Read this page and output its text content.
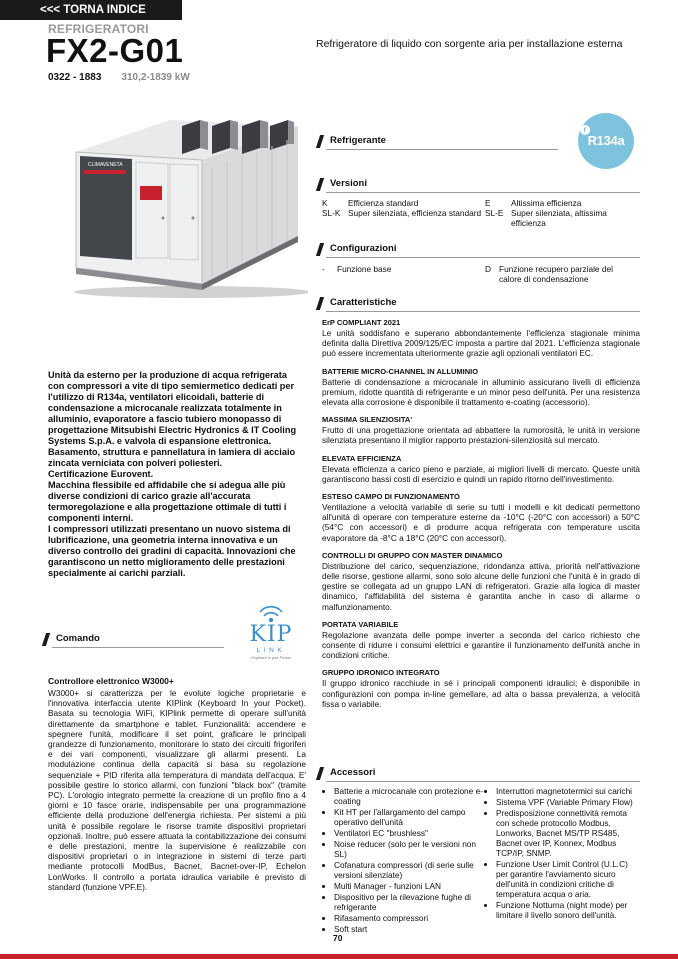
<<< TORNA INDICE
REFRIGERATORI
FX2-G01
0322 - 1883 310,2-1839 kW
Refrigeratore di liquido con sorgente aria per installazione esterna
CLIMAVENETA
Refrigerante
r
R134a
Versioni
K Efficienza standard
SL-K Super silenziata, efficienza standard
E Altissima efficienza
SL-E Super silenziata, altissima efficienza
Configurazioni
- Funzione base	D Funzione recupero parziale del calore di condensazione
Caratteristiche
ErP COMPLIANT 2021
Le unità soddisfano e superano abbondantemente l'efficienza stagionale minima definita dalla Direttiva 2009/125/EC imposta a partire dal 2021. L'efficienza stagionale può essere incrementata ulteriormente grazie agli opzionali ventilatori EC.
BATTERIE MICRO-CHANNEL IN ALLUMINIO
Batterie di condensazione a microcanale in alluminio assicurano livelli di efficienza premium, ridotte quantità di refrigerante e un minor peso dell'unità. Per una resistenza elevata alla corrosione è disponibile il trattamento e-coating (accessorio).
MASSIMA SILENZIOSITA'
Frutto di una progettazione orientata ad abbattere la rumorosità, le unità in versione silenziata presentano il miglior rapporto prestazioni-silenziosità sul mercato.
ELEVATA EFFICIENZA
Elevata efficienza a carico pieno e parziale, ai migliori livelli di mercato. Queste unità garantiscono bassi costi di esercizio e quindi un rapido ritorno dell'investimento.
ESTESO CAMPO DI FUNZIONAMENTO
Ventilazione a velocità variabile di serie su tutti i modelli e kit dedicati permettono all'unità di operare con temperature esterne da -10°C (-20°C con accessori) a 50°C (54°C con accessori) e di produrre acqua refrigerata con temperature uscita evaporatore da -8°C a 18°C (20°C con accessori).
CONTROLLI DI GRUPPO CON MASTER DINAMICO
Distribuzione del carico, sequenziazione, ridondanza attiva, priorità nell'attivazione delle risorse, gestione allarmi, sono solo alcune delle funzioni che l'unità è in grado di gestire se collegata ad un gruppo LAN di refrigeratori. Grazie alla logica di master dinamico, l'affidabilità del sistema è garantita anche in caso di allarme o malfunzionamento.
PORTATA VARIABILE
Regolazione avanzata delle pompe inverter a seconda del carico richiesto che consente di ridurre i consumi elettrici e garantire il funzionamento dell'unità anche in condizioni critiche.
GRUPPO IDRONICO INTEGRATO
Il gruppo idronico racchiude in sé i principali componenti idraulici; è disponibile in configurazioni con pompa in-line gemellare, ad alta o bassa prevalenza, a velocità fissa o variabile.

Unità da esterno per la produzione di acqua refrigerata con compressori a vite di tipo semiermetico dedicati per l'utilizzo di R134a, ventilatori elicoidali, batterie di condensazione a microcanale realizzata totalmente in alluminio, evaporatore a fascio tubiero monopasso di progettazione Mitsubishi Electric Hydronics & IT Cooling Systems S.p.A. e valvola di espansione elettronica.

Basamento, struttura e pannellatura in lamiera di acciaio zincata verniciata con polveri poliesteri.

Certificazione Eurovent.

Macchina flessibile ed affidabile che si adegua alle più diverse condizioni di carico grazie all'accurata termoregolazione e alla progettazione ottimale di tutti i componenti interni.

I compressori utilizzati presentano un nuovo sistema di lubrificazione, una geometria interna innovativa e un diverso controllo dei gradini di capacità. Innovazioni che garantiscono un netto miglioramento delle prestazioni specialmente ai carichi parziali.

Comando	KIP
LINK
Keyboard In your Pocket
Controllore elettronico W3000+
W3000+ si caratterizza per le evolute logiche proprietarie e l'innovativa interfaccia utente KIPlink (Keyboard In your Pocket). Basata su tecnologia WiFi, KIPlink permette di operare sull'unità direttamente da smartphone e tablet. Funzionalità: accendere e spegnere l'unità, modificare il set point, graficare le principali grandezze di funzionamento, monitorare lo stato dei circuiti frigoriferi e dei vari componenti, visualizzare gli allarmi presenti. La modulazione continua della capacità si basa su regolazione sequenziale + PID riferita alla temperatura di mandata dell'acqua. E' possibile gestire lo storico allarmi, con funzioni "black box" (tramite PC). L'orologio integrato permette la creazione di un profilo fino a 4 giorni e 10 fasce orarie, indispensabile per una programmazione efficiente della produzione dell'energia richiesta. Per sistemi a più unità è possibile regolare le risorse tramite dispositivi proprietari opzionali. Inoltre, può essere attuata la contabilizzazione dei consumi e delle prestazioni, mentre la supervisione è realizzabile con dispositivi proprietari o in integrazione in sistemi di terze parti mediante protocolli ModBus, Bacnet, Bacnet-over-IP, Echelon LonWorks. Il controllo a portata idraulica variabile è previsto di standard (funzione VPF.E).
Accessori
• Batterie a microcanale con protezione e-coating
• Kit HT per l'allargamento del campo operativo dell'unità
• Ventilatori EC "brushless"
• Noise reducer (solo per le versioni non SL)
• Cofanatura compressori (di serie sulle versioni silenziate)
• Multi Manager - funzioni LAN
• Dispositivo per la rilevazione fughe di refrigerante
• Rifasamento compressori
• Soft start
• Interruttori magnetotermici sui carichi
• Sistema VPF (Variable Primary Flow)
• Predisposizione connettività remota con schede protocollo Modbus, Lonworks, Bacnet MS/TP RS485, Bacnet over IP, Konnex, Modbus TCP/IP, SNMP.
• Funzione User Limit Control (U.L.C) per garantire l'avviamento sicuro dell'unità in condizioni critiche di temperatura acqua o aria.
• Funzione Notturna (night mode) per limitare il livello sonoro dell'unità.
70
